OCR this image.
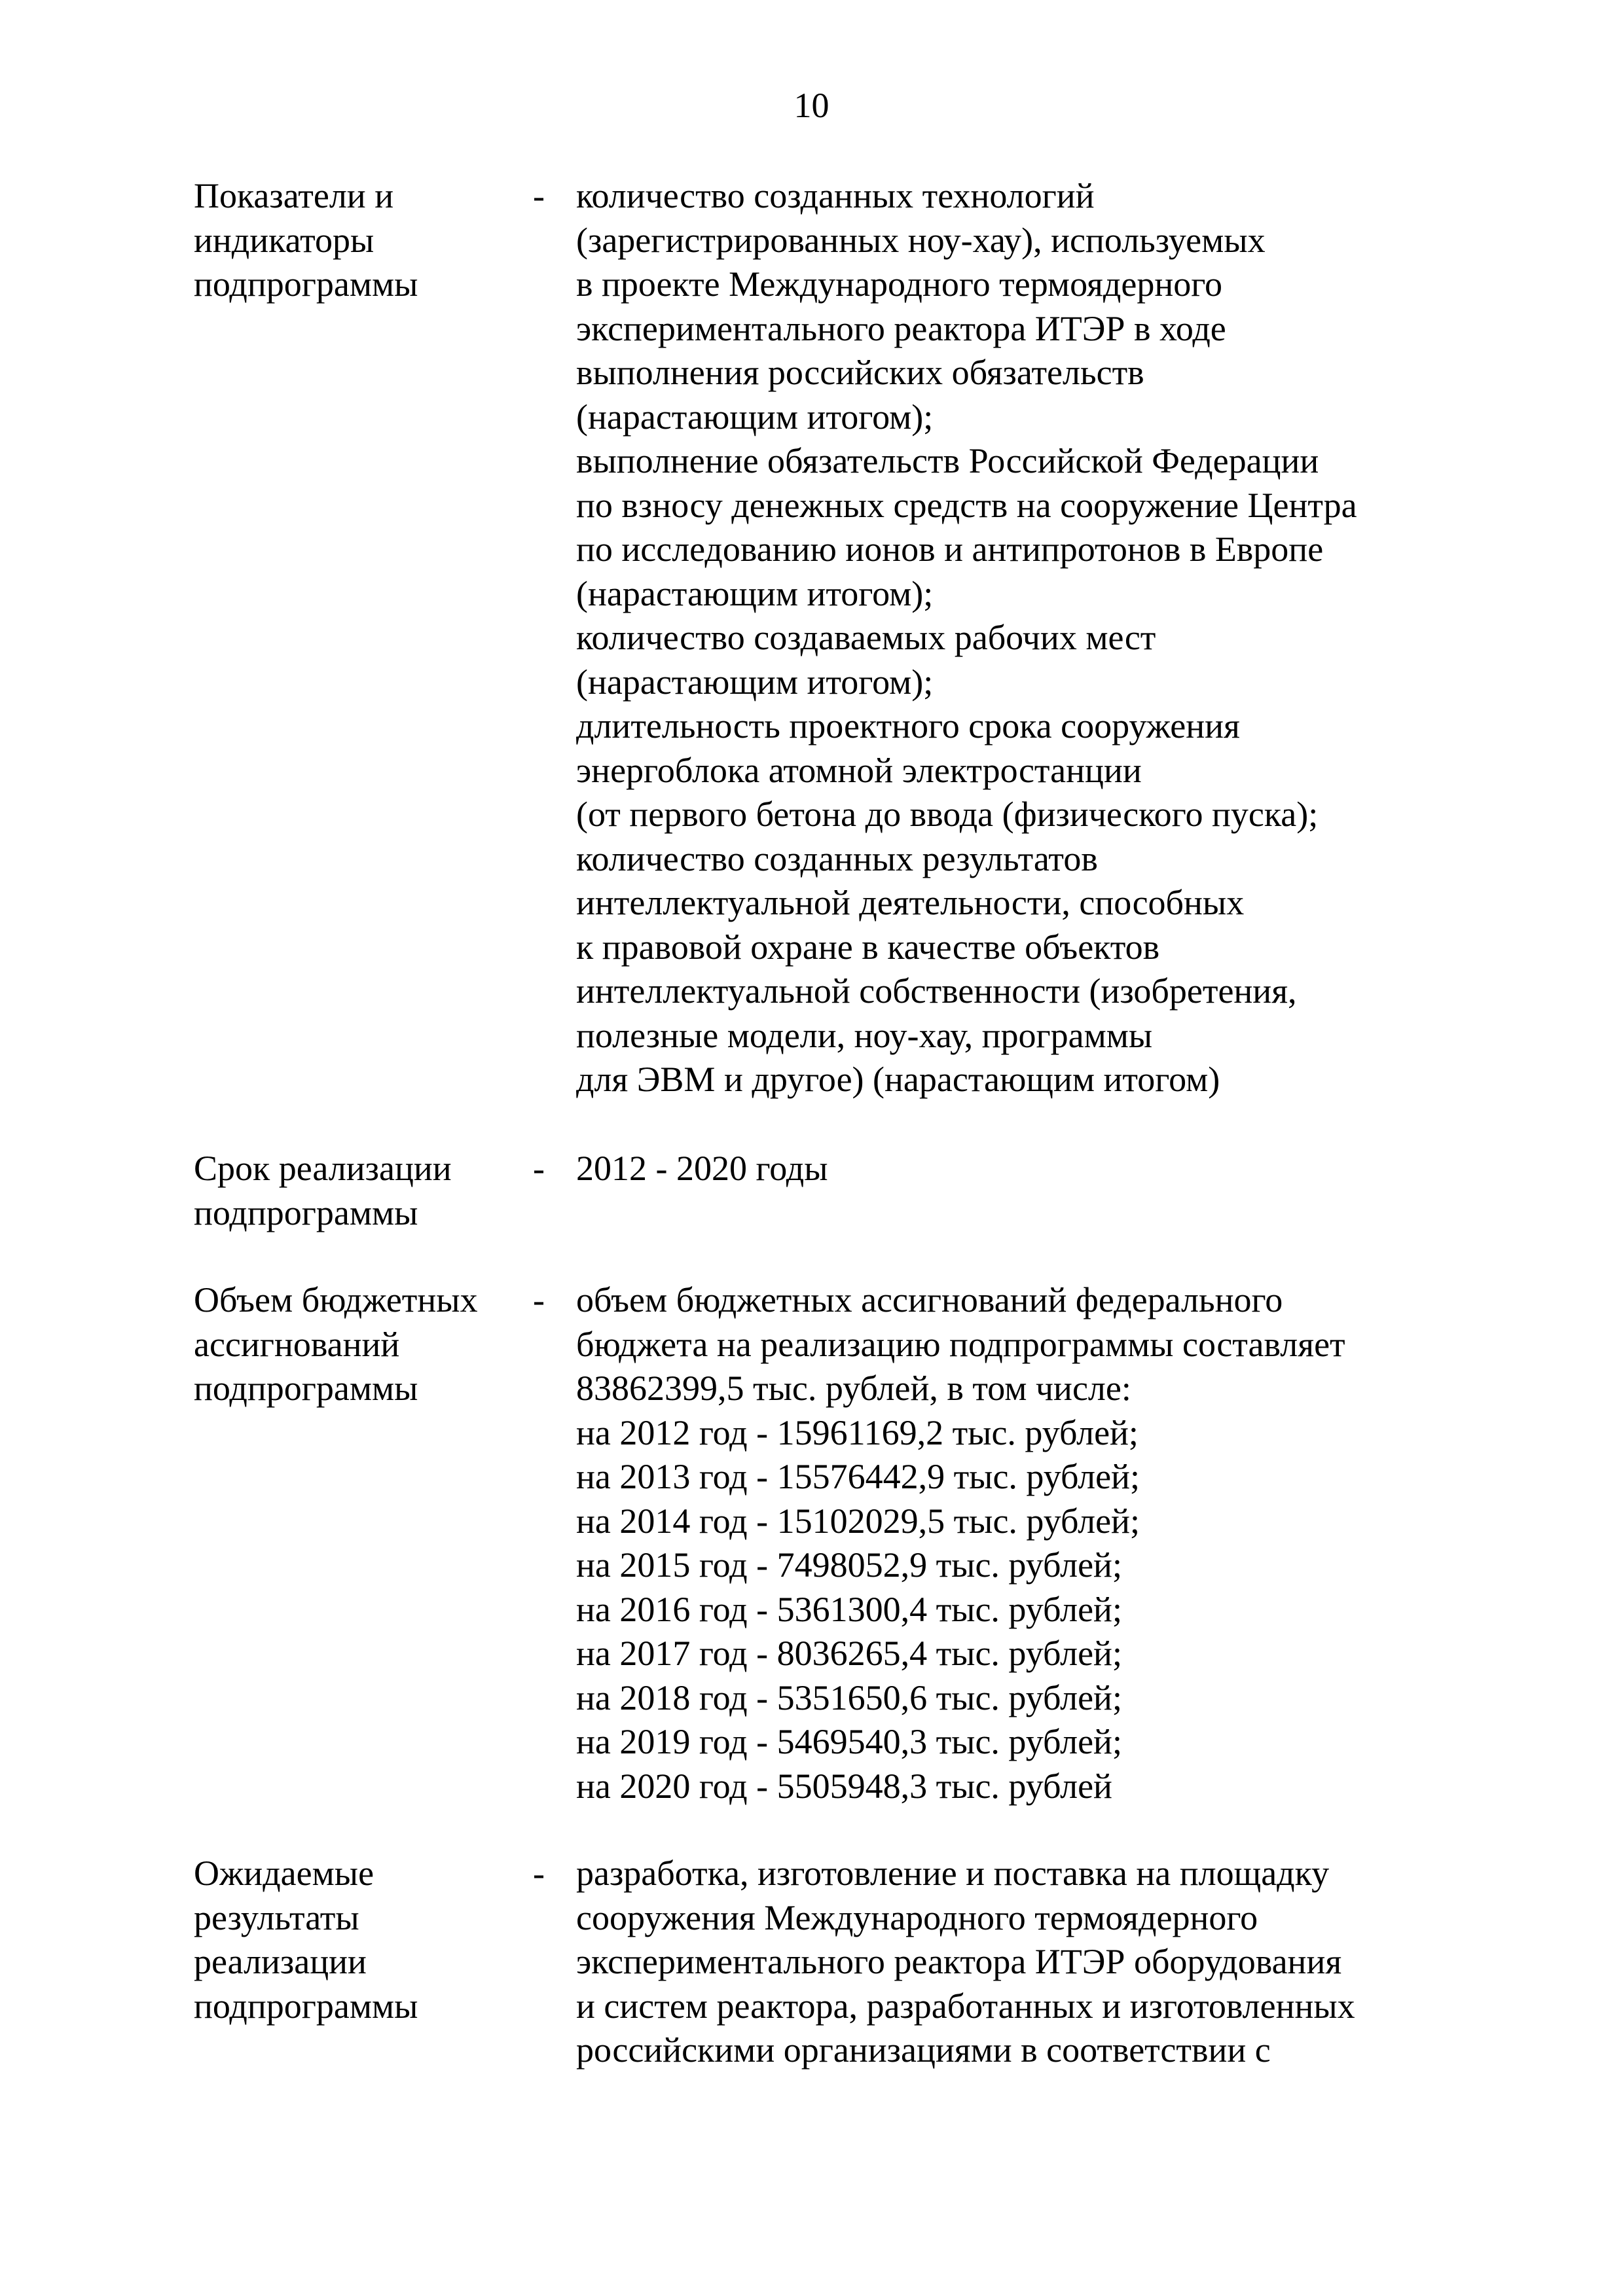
10
Показатели и
индикаторы
подпрограммы
- количество созданных технологий
(зарегистрированных ноу-хау), используемых
в проекте Международного термоядерного
экспериментального реактора ИТЭР в ходе
выполнения российских обязательств
(нарастающим итогом);
выполнение обязательств Российской Федерации
по взносу денежных средств на сооружение Центра
по исследованию ионов и антипротонов в Европе
(нарастающим итогом);
количество создаваемых рабочих мест
(нарастающим итогом);
длительность проектного срока сооружения
энергоблока атомной электростанции
(от первого бетона до ввода (физического пуска);
количество созданных результатов
интеллектуальной деятельности, способных
к правовой охране в качестве объектов
интеллектуальной собственности (изобретения,
полезные модели, ноу-хау, программы
для ЭВМ и другое) (нарастающим итогом)
Срок реализации
подпрограммы
- 2012 - 2020 годы
Объем бюджетных
ассигнований
подпрограммы
- объем бюджетных ассигнований федерального
бюджета на реализацию подпрограммы составляет
83862399,5 тыс. рублей, в том числе:
на 2012 год - 15961169,2 тыс. рублей;
на 2013 год - 15576442,9 тыс. рублей;
на 2014 год - 15102029,5 тыс. рублей;
на 2015 год - 7498052,9 тыс. рублей;
на 2016 год - 5361300,4 тыс. рублей;
на 2017 год - 8036265,4 тыс. рублей;
на 2018 год - 5351650,6 тыс. рублей;
на 2019 год - 5469540,3 тыс. рублей;
на 2020 год - 5505948,3 тыс. рублей
Ожидаемые
результаты
реализации
подпрограммы
- разработка, изготовление и поставка на площадку
сооружения Международного термоядерного
экспериментального реактора ИТЭР оборудования
и систем реактора, разработанных и изготовленных
российскими организациями в соответствии с
